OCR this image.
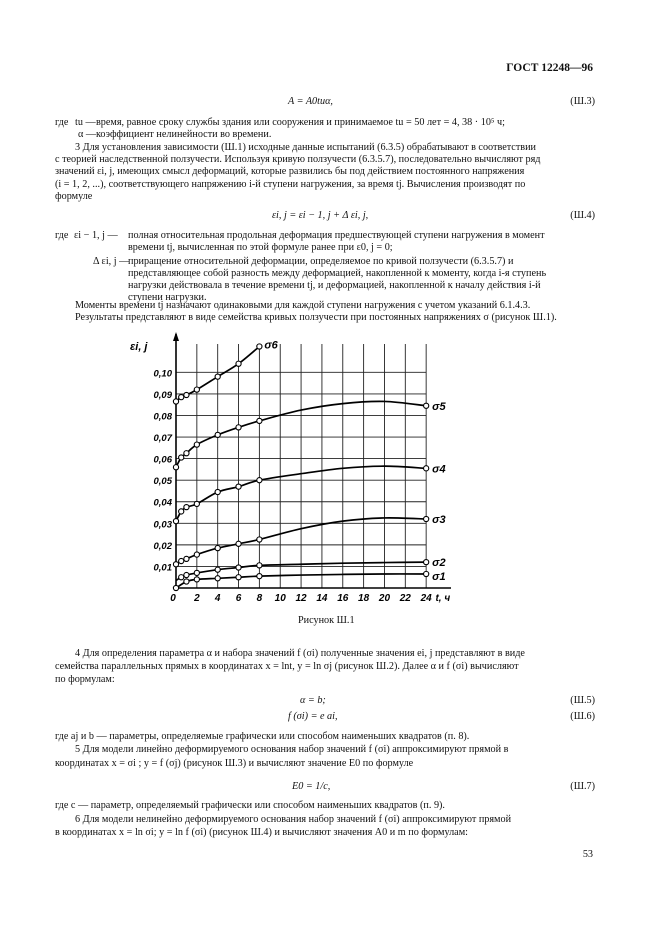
ГОСТ 12248—96
A = A0tuα,	(Ш.3)
где tu — время, равное сроку службы здания или сооружения и принимаемое tu = 50 лет = 4, 38 · 10⁵ ч;
α — коэффициент нелинейности во времени.
3 Для установления зависимости (Ш.1) исходные данные испытаний (6.3.5) обрабатывают в соответствии
с теорией наследственной ползучести. Используя кривую ползучести (6.3.5.7), последовательно вычисляют ряд
значений εi, j, имеющих смысл деформаций, которые развились бы под действием постоянного напряжения
(i = 1, 2, ...), соответствующего напряжению i-й ступени нагружения, за время tj. Вычисления производят по
формуле
εi, j = εi − 1, j + Δ εi, j,	(Ш.4)
где εi − 1, j — полная относительная продольная деформация предшествующей ступени нагружения в момент
времени tj, вычисленная по этой формуле ранее при ε0, j = 0;
Δ εi, j —
приращение относительной деформации, определяемое по кривой ползучести (6.3.5.7) и
представляющее собой разность между деформацией, накопленной к моменту, когда i-я ступень
нагрузки действовала в течение времени tj, и деформацией, накопленной к началу действия i-й
ступени нагрузки.
Моменты времени tj назначают одинаковыми для каждой ступени нагружения с учетом указаний 6.1.4.3.
Результаты представляют в виде семейства кривых ползучести при постоянных напряжениях σ (рисунок Ш.1).
0 2 4 6 8 10 12 14 16 18 20 22 24 t, ч
0,01
0,02
0,03
0,04
0,05
0,06
0,07
0,08
0,09
0,10
εi, j
σ1
σ2
σ3
σ4
σ5
σ6
Рисунок Ш.1
4 Для определения параметра α и набора значений f (σi) полученные значения ei, j представляют в виде
семейства параллельных прямых в координатах x = lnt, y = ln σj (рисунок Ш.2). Далее α и f (σi) вычисляют
по формулам:
α = b;	(Ш.5)
f (σi) = e ai,	(Ш.6)
где aj и b — параметры, определяемые графически или способом наименьших квадратов (п. 8).
5 Для модели линейно деформируемого основания набор значений f (σi) аппроксимируют прямой в
координатах x = σi ; y = f (σj) (рисунок Ш.3) и вычисляют значение E0 по формуле
E0 = 1/c,	(Ш.7)
где с — параметр, определяемый графически или способом наименьших квадратов (п. 9).
6 Для модели нелинейно деформируемого основания набор значений f (σi) аппроксимируют прямой
в координатах x = ln σi; y = ln f (σi) (рисунок Ш.4) и вычисляют значения A0 и m по формулам:
53
